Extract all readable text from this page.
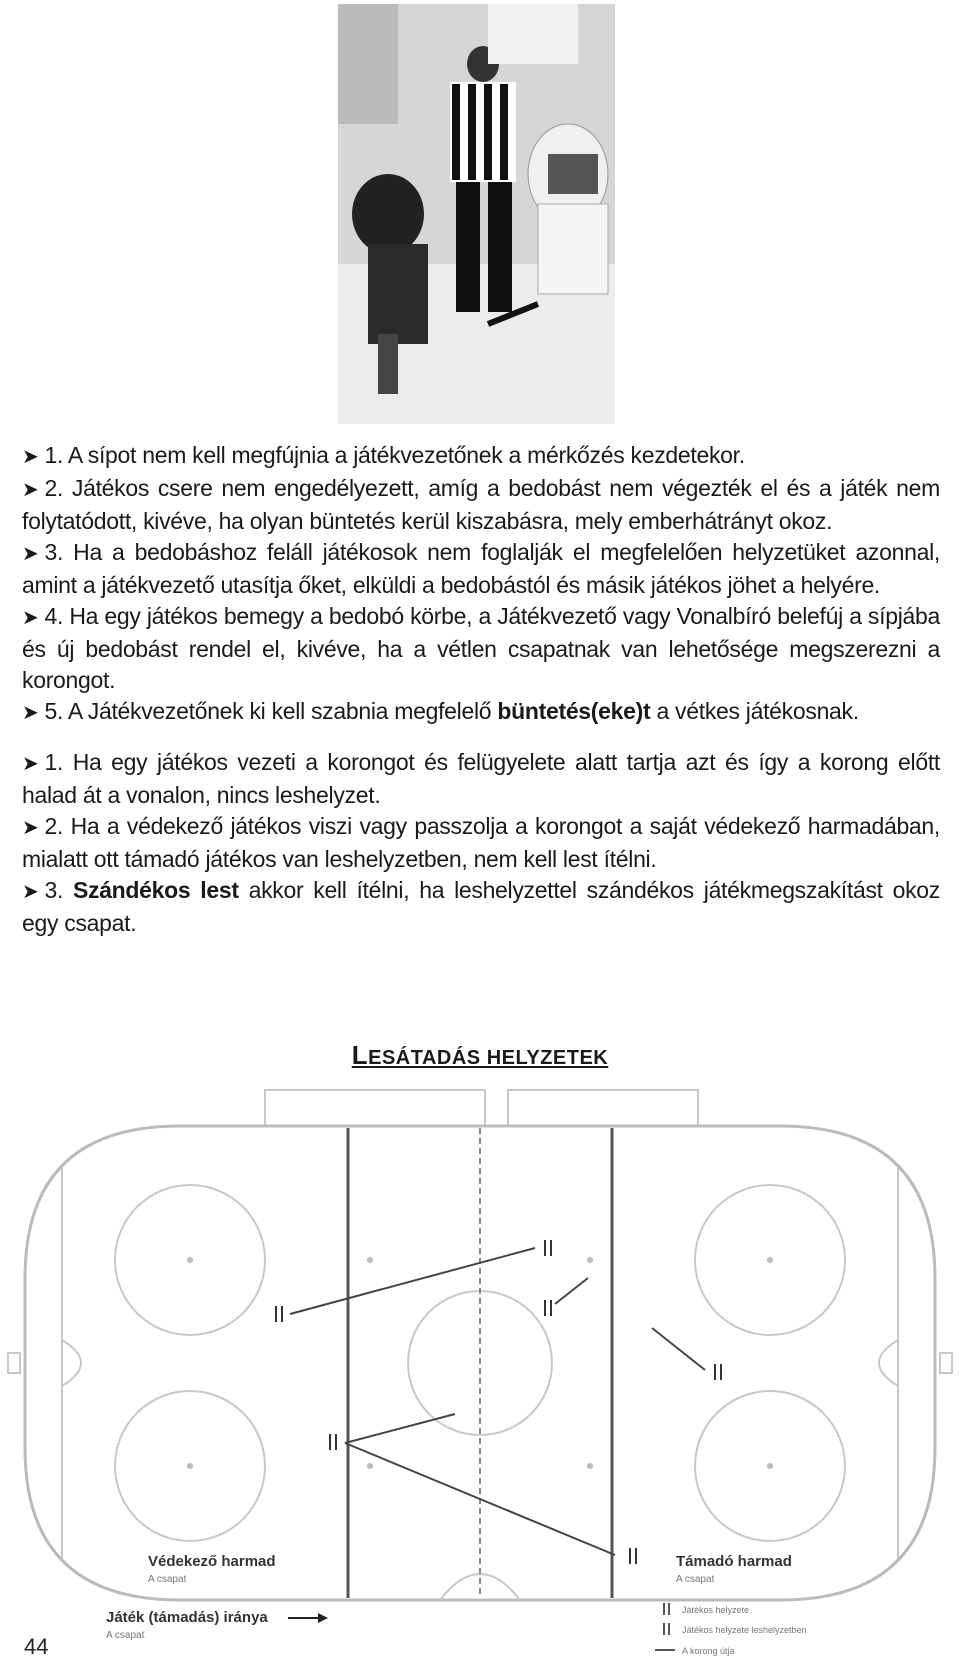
➤ 1. A sípot nem kell megfújnia a játékvezetőnek a mérkőzés kezdetekor.

➤ 2. Játékos csere nem engedélyezett, amíg a bedobást nem végezték el és a játék nem folytatódott, kivéve, ha olyan büntetés kerül kiszabásra, mely emberhátrányt okoz.

➤ 3. Ha a bedobáshoz feláll játékosok nem foglalják el megfelelően helyzetüket azonnal, amint a játékvezető utasítja őket, elküldi a bedobástól és másik játékos jöhet a helyére.

➤ 4. Ha egy játékos bemegy a bedobó körbe, a Játékvezető vagy Vonalbíró belefúj a sípjába és új bedobást rendel el, kivéve, ha a vétlen csapatnak van lehetősége megszerezni a korongot.

➤ 5. A Játékvezetőnek ki kell szabnia megfelelő büntetés(eke)t a vétkes játékosnak.

➤ 1. Ha egy játékos vezeti a korongot és felügyelete alatt tartja azt és így a korong előtt halad át a vonalon, nincs leshelyzet.

➤ 2. Ha a védekező játékos viszi vagy passzolja a korongot a saját védekező harmadában, mialatt ott támadó játékos van leshelyzetben, nem kell lest ítélni.

➤ 3. Szándékos lest akkor kell ítélni, ha leshelyzettel szándékos játékmegszakítást okoz egy csapat.

LESÁTADÁS HELYZETEK
Védekező harmad
A csapat
Támadó harmad
A csapat
Játék (támadás) iránya
A csapat
Játékos helyzete
Játékos helyzete leshelyzetben
A korong útja
44
